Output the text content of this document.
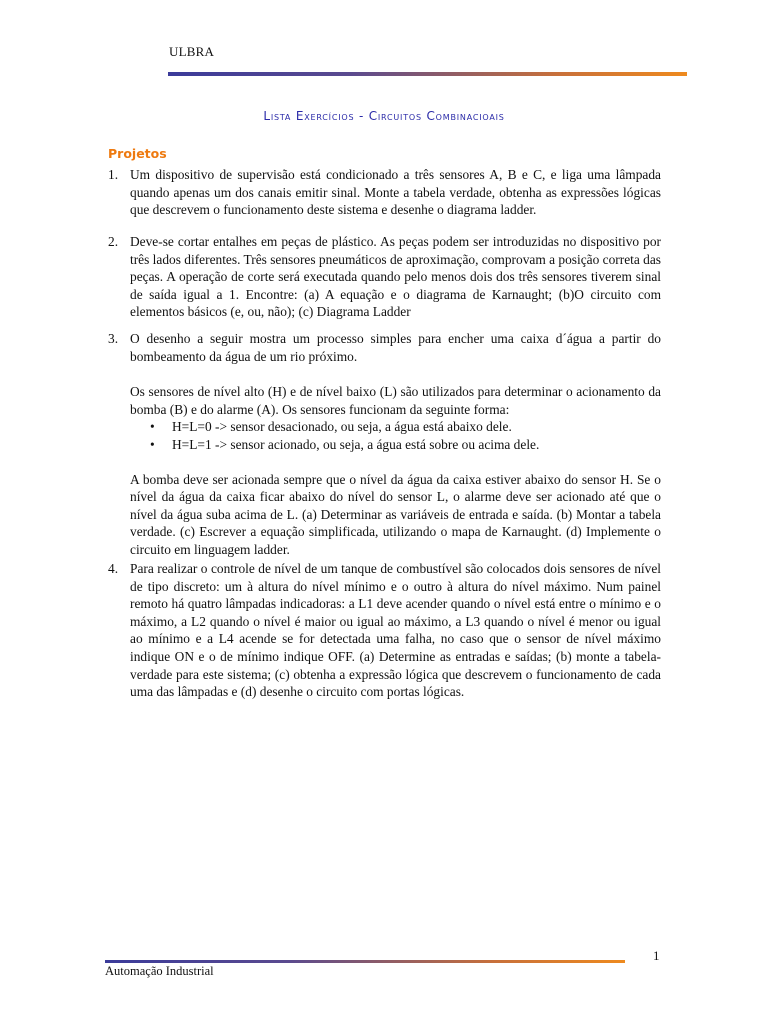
ULBRA
Lista Exercícios - Circuitos Combinacioais
Projetos
1. Um dispositivo de supervisão está condicionado a três sensores A, B e C, e liga uma lâmpada quando apenas um dos canais emitir sinal. Monte a tabela verdade, obtenha as expressões lógicas que descrevem o funcionamento deste sistema e desenhe o diagrama ladder.

2. Deve-se cortar entalhes em peças de plástico. As peças podem ser introduzidas no dispositivo por três lados diferentes. Três sensores pneumáticos de aproximação, comprovam a posição correta das peças. A operação de corte será executada quando pelo menos dois dos três sensores tiverem sinal de saída igual a 1. Encontre: (a) A equação e o diagrama de Karnaught; (b)O circuito com elementos básicos (e, ou, não); (c) Diagrama Ladder

3. O desenho a seguir mostra um processo simples para encher uma caixa d´água a partir do bombeamento da água de um rio próximo.

Os sensores de nível alto (H) e de nível baixo (L) são utilizados para determinar o acionamento da bomba (B) e do alarme (A). Os sensores funcionam da seguinte forma:

• H=L=0 -> sensor desacionado, ou seja, a água está abaixo dele.
• H=L=1 -> sensor acionado, ou seja, a água está sobre ou acima dele.

A bomba deve ser acionada sempre que o nível da água da caixa estiver abaixo do sensor H. Se o nível da água da caixa ficar abaixo do nível do sensor L, o alarme deve ser acionado até que o nível da água suba acima de L. (a) Determinar as variáveis de entrada e saída. (b) Montar a tabela verdade. (c) Escrever a equação simplificada, utilizando o mapa de Karnaught. (d) Implemente o circuito em linguagem ladder.

4. Para realizar o controle de nível de um tanque de combustível são colocados dois sensores de nível de tipo discreto: um à altura do nível mínimo e o outro à altura do nível máximo. Num painel remoto há quatro lâmpadas indicadoras: a L1 deve acender quando o nível está entre o mínimo e o máximo, a L2 quando o nível é maior ou igual ao máximo, a L3 quando o nível é menor ou igual ao mínimo e a L4 acende se for detectada uma falha, no caso que o sensor de nível máximo indique ON e o de mínimo indique OFF. (a) Determine as entradas e saídas; (b) monte a tabela-verdade para este sistema; (c) obtenha a expressão lógica que descrevem o funcionamento de cada uma das lâmpadas e (d) desenhe o circuito com portas lógicas.

1
Automação Industrial
